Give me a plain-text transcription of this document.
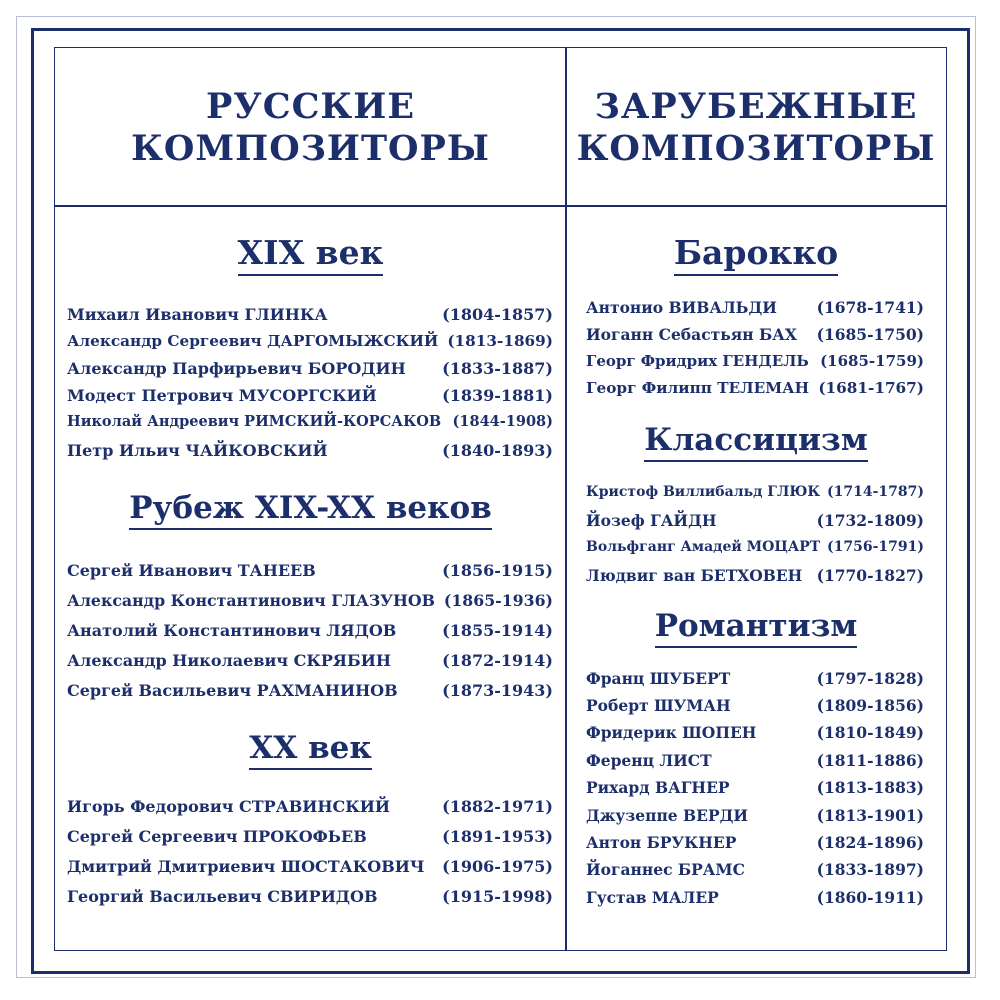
РУССКИЕ
КОМПОЗИТОРЫ
ЗАРУБЕЖНЫЕ
КОМПОЗИТОРЫ
XIX век
Михаил Иванович ГЛИНКА	(1804-1857)
Александр Сергеевич ДАРГОМЫЖСКИЙ (1813-1869)
Александр Парфирьевич БОРОДИН (1833-1887)
Модест Петрович МУСОРГСКИЙ	(1839-1881)
Николай Андреевич РИМСКИЙ-КОРСАКОВ (1844-1908)
Петр Ильич ЧАЙКОВСКИЙ	(1840-1893)
Рубеж XIX-XX веков
Сергей Иванович ТАНЕЕВ	(1856-1915)
Александр Константинович ГЛАЗУНОВ (1865-1936)
Анатолий Константинович ЛЯДОВ	(1855-1914)
Александр Николаевич СКРЯБИН	(1872-1914)
Сергей Васильевич РАХМАНИНОВ	(1873-1943)
XX век
Игорь Федорович СТРАВИНСКИЙ	(1882-1971)
Сергей Сергеевич ПРОКОФЬЕВ	(1891-1953)
Дмитрий Дмитриевич ШОСТАКОВИЧ (1906-1975)
Георгий Васильевич СВИРИДОВ	(1915-1998)
Барокко
Антонио ВИВАЛЬДИ	(1678-1741)
Иоганн Себастьян БАХ (1685-1750)
Георг Фридрих ГЕНДЕЛЬ (1685-1759)
Георг Филипп ТЕЛЕМАН (1681-1767)
Классицизм
Кристоф Виллибальд ГЛЮК (1714-1787)
Йозеф ГАЙДН	(1732-1809)
Вольфганг Амадей МОЦАРТ (1756-1791)
Людвиг ван БЕТХОВЕН (1770-1827)
Романтизм
Франц ШУБЕРТ	(1797-1828)
Роберт ШУМАН	(1809-1856)
Фридерик ШОПЕН	(1810-1849)
Ференц ЛИСТ	(1811-1886)
Рихард ВАГНЕР	(1813-1883)
Джузеппе ВЕРДИ	(1813-1901)
Антон БРУКНЕР	(1824-1896)
Йоганнес БРАМС	(1833-1897)
Густав МАЛЕР	(1860-1911)
